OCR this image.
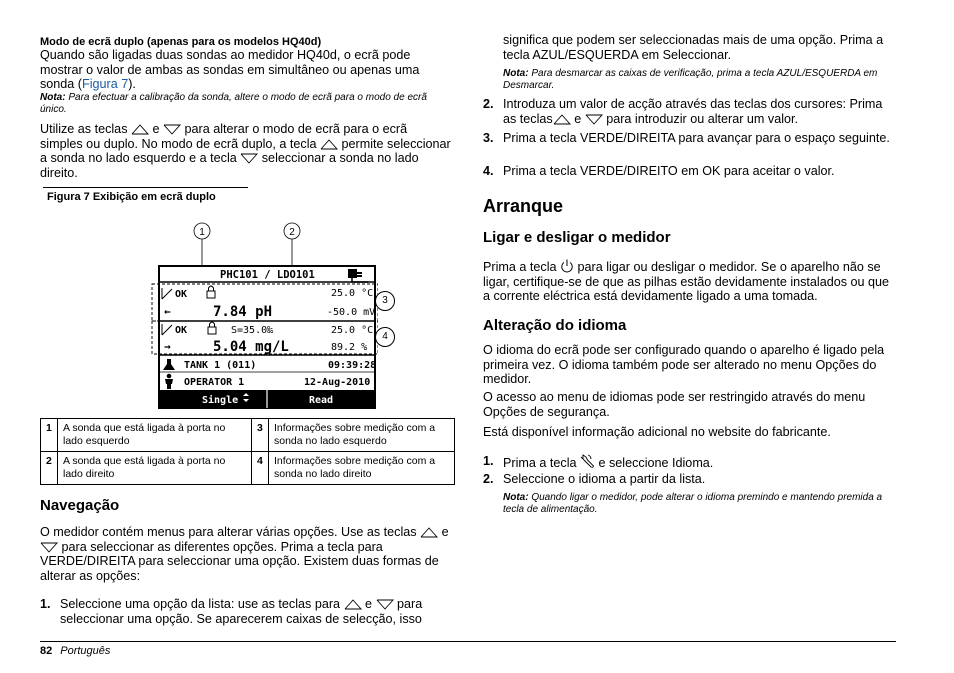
Modo de ecrã duplo (apenas para os modelos HQ40d)

Quando são ligadas duas sondas ao medidor HQ40d, o ecrã pode mostrar o valor de ambas as sondas em simultâneo ou apenas uma sonda (Figura 7).

Nota: Para efectuar a calibração da sonda, altere o modo de ecrã para o modo de ecrã único.

Utilize as teclas  e  para alterar o modo de ecrã para o ecrã simples ou duplo. No modo de ecrã duplo, a tecla  permite seleccionar a sonda no lado esquerdo e a tecla  seleccionar a sonda no lado direito.

Figura 7 Exibição em ecrã duplo
1	2
PHC101 / LDO101
OK	25.0 °C
←	7.84 pH	-50.0 mV
OK	S=35.0‰	25.0 °C
→	5.04 mg/L	89.2 %
TANK 1 (011)	09:39:28
OPERATOR 1	12-Aug-2010
Single	Read
3
4
1	A sonda que está ligada à porta no lado esquerdo	3	Informações sobre medição com a sonda no lado esquerdo
2	A sonda que está ligada à porta no lado direito	4	Informações sobre medição com a sonda no lado direito
Navegação

O medidor contém menus para alterar várias opções. Use as teclas e  para seleccionar as diferentes opções. Prima a tecla para VERDE/DIREITA para seleccionar uma opção. Existem duas formas de alterar as opções:

1. Seleccione uma opção da lista: use as teclas para  e  para seleccionar uma opção. Se aparecerem caixas de selecção, isso

significa que podem ser seleccionadas mais de uma opção. Prima a tecla AZUL/ESQUERDA em Seleccionar.

Nota: Para desmarcar as caixas de verificação, prima a tecla AZUL/ESQUERDA em Desmarcar.

2. Introduza um valor de acção através das teclas dos cursores: Prima as teclas e  para introduzir ou alterar um valor.
3. Prima a tecla VERDE/DIREITA para avançar para o espaço seguinte.
4. Prima a tecla VERDE/DIREITO em OK para aceitar o valor.
Arranque
Ligar e desligar o medidor

Prima a tecla  para ligar ou desligar o medidor. Se o aparelho não se ligar, certifique-se de que as pilhas estão devidamente instalados ou que a corrente eléctrica está devidamente ligado a uma tomada.

Alteração do idioma

O idioma do ecrã pode ser configurado quando o aparelho é ligado pela primeira vez. O idioma também pode ser alterado no menu Opções do medidor.

O acesso ao menu de idiomas pode ser restringido através do menu Opções de segurança.

Está disponível informação adicional no website do fabricante.

1. Prima a tecla  e seleccione Idioma.
2. Seleccione o idioma a partir da lista.

Nota: Quando ligar o medidor, pode alterar o idioma premindo e mantendo premida a tecla de alimentação.

82 Português
